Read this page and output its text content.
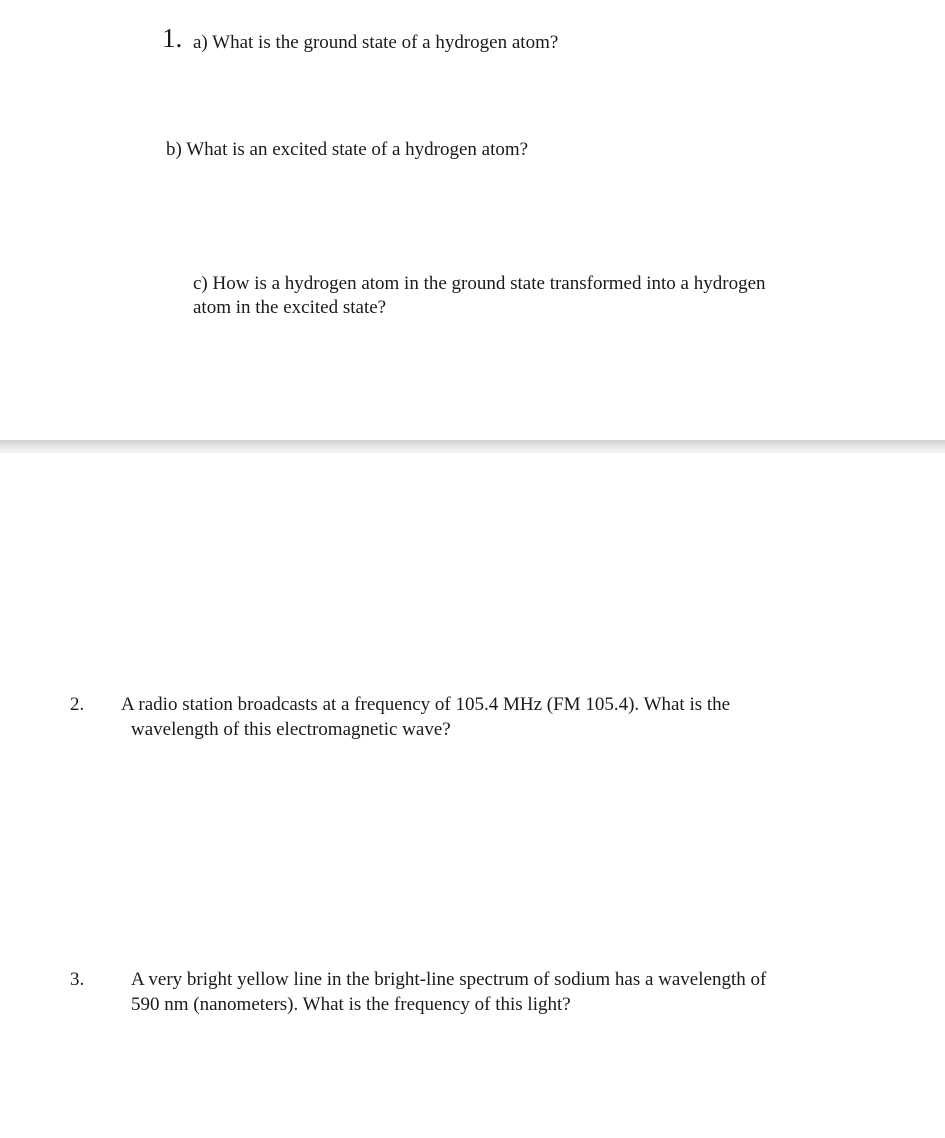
1. a) What is the ground state of a hydrogen atom?
b) What is an excited state of a hydrogen atom?
c) How is a hydrogen atom in the ground state transformed into a hydrogen
atom in the excited state?
2. A radio station broadcasts at a frequency of 105.4 MHz (FM 105.4). What is the
wavelength of this electromagnetic wave?
3. A very bright yellow line in the bright-line spectrum of sodium has a wavelength of
590 nm (nanometers). What is the frequency of this light?
